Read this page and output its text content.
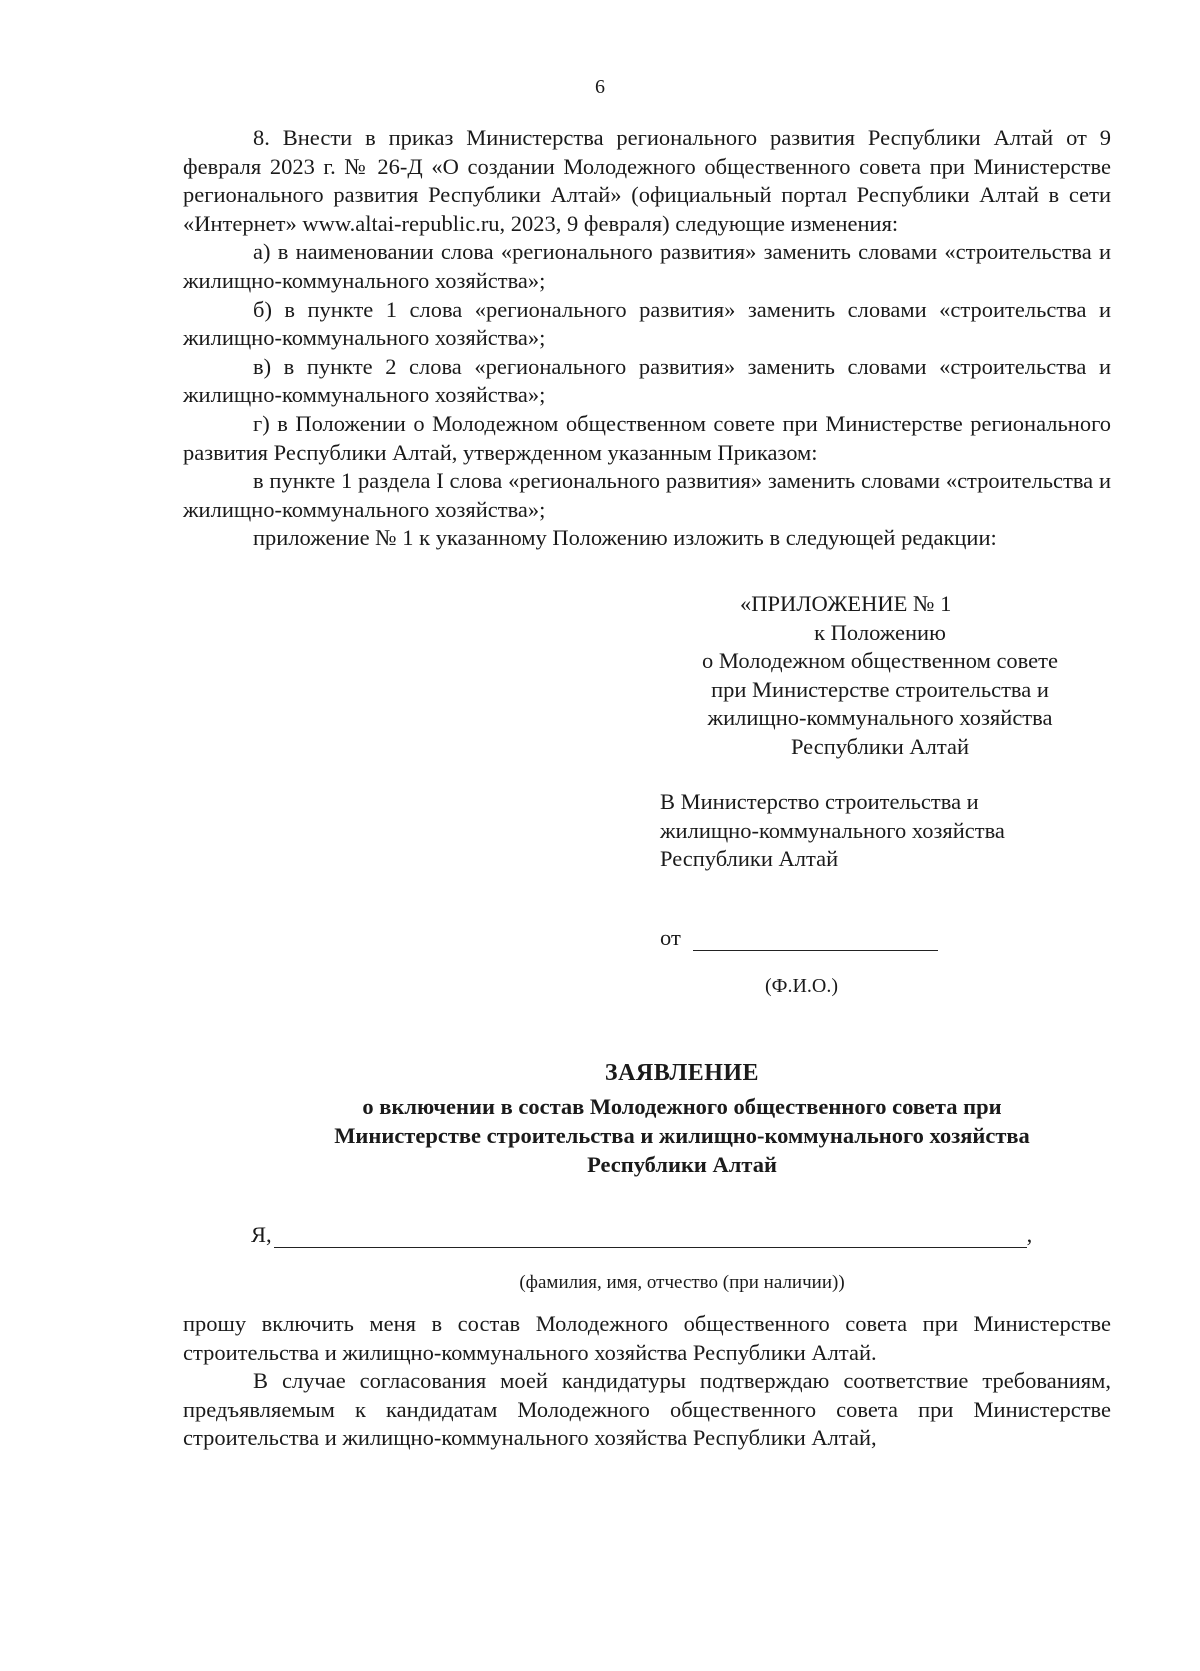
6

8. Внести в приказ Министерства регионального развития Республики Алтай от 9 февраля 2023 г. № 26-Д «О создании Молодежного общественного совета при Министерстве регионального развития Республики Алтай» (официальный портал Республики Алтай в сети «Интернет» www.altai-republic.ru, 2023, 9 февраля) следующие изменения:

а) в наименовании слова «регионального развития» заменить словами «строительства и жилищно-коммунального хозяйства»;

б) в пункте 1 слова «регионального развития» заменить словами «строительства и жилищно-коммунального хозяйства»;

в) в пункте 2 слова «регионального развития» заменить словами «строительства и жилищно-коммунального хозяйства»;

г) в Положении о Молодежном общественном совете при Министерстве регионального развития Республики Алтай, утвержденном указанным Приказом:

в пункте 1 раздела I слова «регионального развития» заменить словами «строительства и жилищно-коммунального хозяйства»;

приложение № 1 к указанному Положению изложить в следующей редакции:

«ПРИЛОЖЕНИЕ № 1
к Положению
о Молодежном общественном совете
при Министерстве строительства и
жилищно-коммунального хозяйства
Республики Алтай
В Министерство строительства и
жилищно-коммунального хозяйства
Республики Алтай
от
(Ф.И.О.)
ЗАЯВЛЕНИЕ
о включении в состав Молодежного общественного совета при
Министерстве строительства и жилищно-коммунального хозяйства
Республики Алтай
Я,	,
(фамилия, имя, отчество (при наличии))

прошу включить меня в состав Молодежного общественного совета при Министерстве строительства и жилищно-коммунального хозяйства Республики Алтай.

В случае согласования моей кандидатуры подтверждаю соответствие требованиям, предъявляемым к кандидатам Молодежного общественного совета при Министерстве строительства и жилищно-коммунального хозяйства Республики Алтай,
